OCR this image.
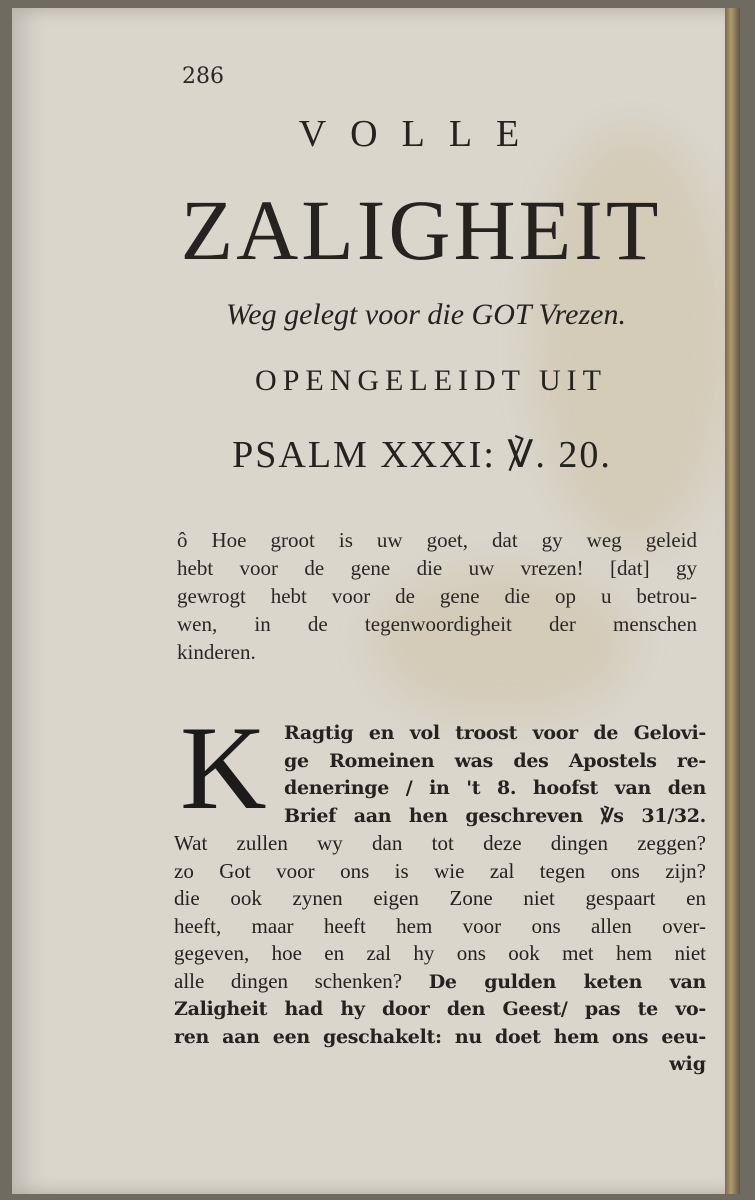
286
VOLLE
ZALIGHEIT
Weg gelegt voor die GOT Vrezen.
OPENGELEIDT UIT
PSALM XXXI: ℣. 20.
ô Hoe groot is uw goet, dat gy weg geleid
hebt voor de gene die uw vrezen! [dat] gy
gewrogt hebt voor de gene die op u betrou-
wen, in de tegenwoordigheit der menschen
kinderen.
K Ragtig en vol troost voor de Gelovi-
ge Romeinen was des Apostels re-
deneringe / in 't 8. hoofst van den
Brief aan hen geschreven ℣s 31/32.
Wat zullen wy dan tot deze dingen zeggen?
zo Got voor ons is wie zal tegen ons zijn?
die ook zynen eigen Zone niet gespaart en
heeft, maar heeft hem voor ons allen over-
gegeven, hoe en zal hy ons ook met hem niet
alle dingen schenken? De gulden keten van
Zaligheit had hy door den Geest/ pas te vo-
ren aan een geschakelt: nu doet hem ons eeu-
wig
